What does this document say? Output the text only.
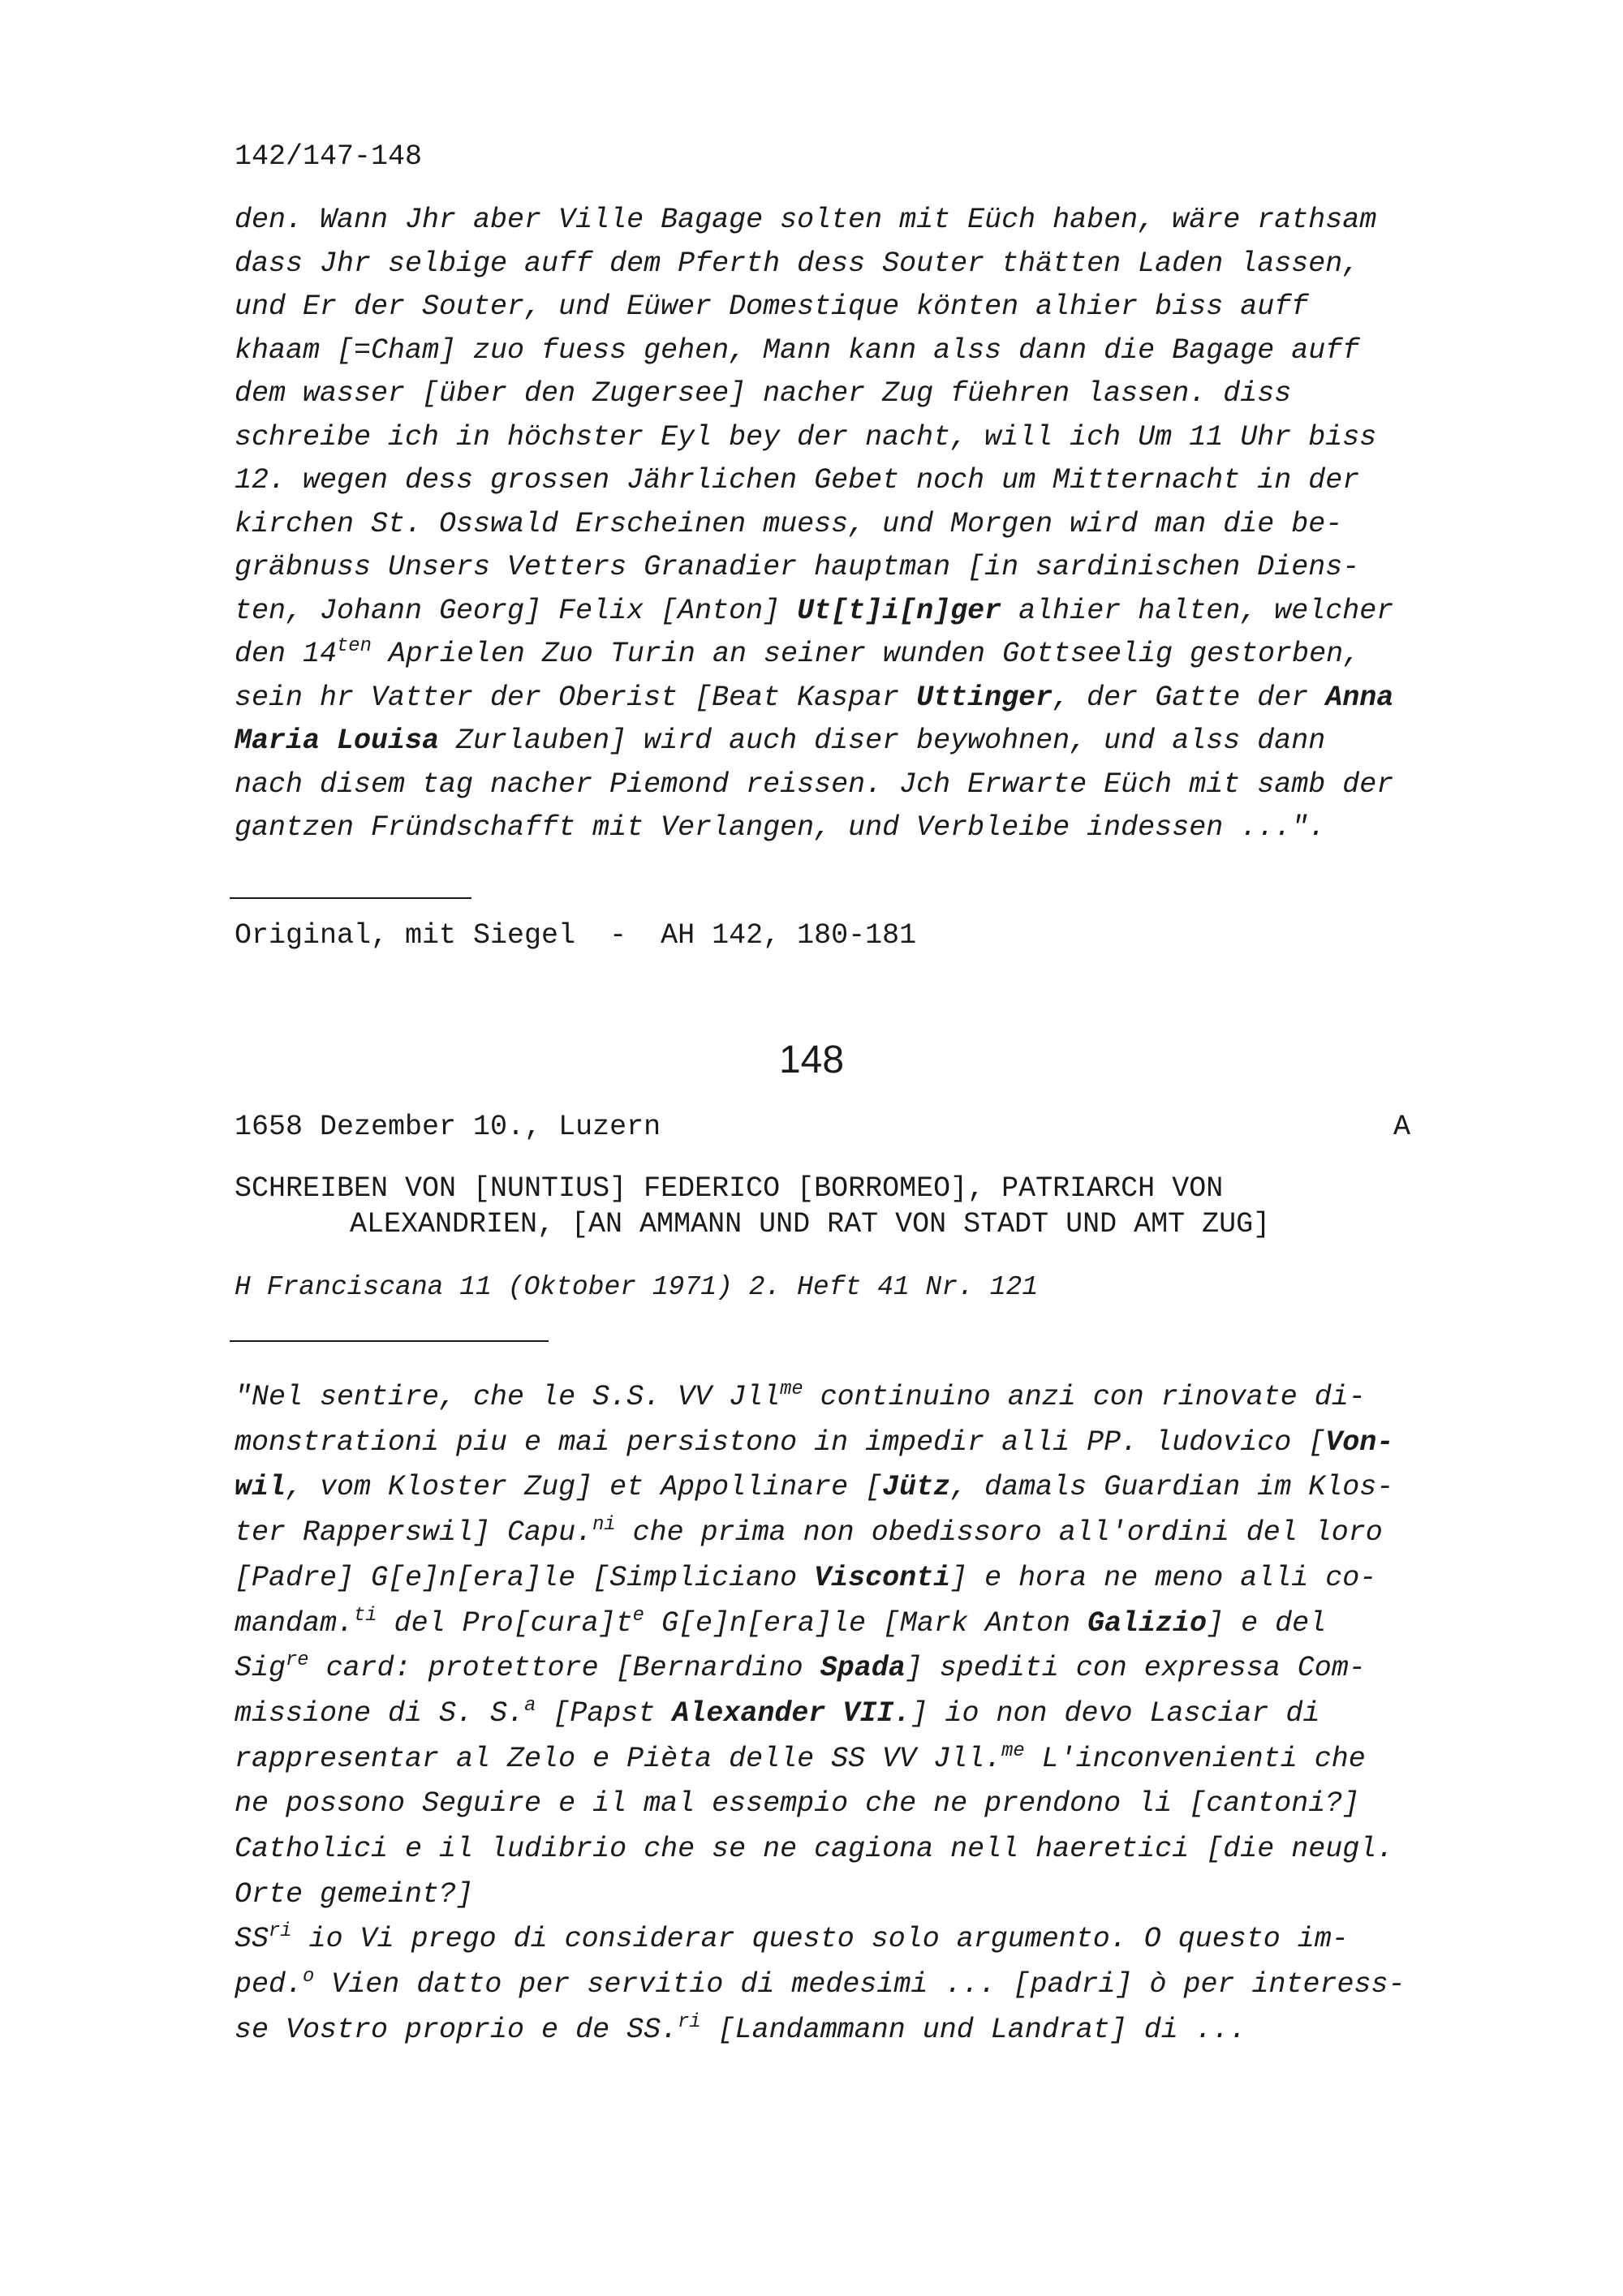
142/147-148
den. Wann Jhr aber Ville Bagage solten mit Eüch haben, wäre rathsam
dass Jhr selbige auff dem Pferth dess Souter thätten Laden lassen,
und Er der Souter, und Eüwer Domestique könten alhier biss auff
khaam [=Cham] zuo fuess gehen, Mann kann alss dann die Bagage auff
dem wasser [über den Zugersee] nacher Zug füehren lassen. diss
schreibe ich in höchster Eyl bey der nacht, will ich Um 11 Uhr biss
12. wegen dess grossen Jährlichen Gebet noch um Mitternacht in der
kirchen St. Osswald Erscheinen muess, und Morgen wird man die be-
gräbnuss Unsers Vetters Granadier hauptman [in sardinischen Diens-
ten, Johann Georg] Felix [Anton] Ut[t]i[n]ger alhier halten, welcher
den $14^{ten}$ Aprielen Zuo Turin an seiner wunden Gottseelig gestorben,
sein hr Vatter der Oberist [Beat Kaspar Uttinger, der Gatte der Anna
Maria Louisa Zurlauben] wird auch diser beywohnen, und alss dann
nach disem tag nacher Piemond reissen. Jch Erwarte Eüch mit samb der
gantzen Fründschafft mit Verlangen, und Verbleibe indessen ...".
Original, mit Siegel  -  AH 142, 180-181
148
1658 Dezember 10., Luzern	A
SCHREIBEN VON [NUNTIUS] FEDERICO [BORROMEO], PATRIARCH VON
ALEXANDRIEN, [AN AMMANN UND RAT VON STADT UND AMT ZUG]
H Franciscana 11 (Oktober 1971) 2. Heft 41 Nr. 121
"Nel sentire, che le S.S. VV Jll$^{me}$ continuino anzi con rinovate di-
monstrationi piu e mai persistono in impedir alli PP. ludovico [Von-
wil, vom Kloster Zug] et Appollinare [Jütz, damals Guardian im Klos-
ter Rapperswil] Capu.$^{ni}$ che prima non obedissoro all'ordini del loro
[Padre] G[e]n[era]le [Simpliciano Visconti] e hora ne meno alli co-
mandam.$^{ti}$ del $Pro[cura]t^e$ G[e]n[era]le [Mark Anton Galizio] e del
Sig$^{re}$ card: protettore [Bernardino Spada] spediti con expressa Com-
missione di S. S.$^a$ [Papst Alexander VII.] io non devo Lasciar di
rappresentar al Zelo e Pièta delle SS VV Jll.$^{me}$ L'inconvenienti che
ne possono Seguire e il mal essempio che ne prendono li [cantoni?]
Catholici e il ludibrio che se ne cagiona nell haeretici [die neugl.
Orte gemeint?]
$SS^{ri}$ io Vi prego di considerar questo solo argumento. O questo im-
ped.$^o$ Vien datto per servitio di medesimi ... [padri] ò per interess-
se Vostro proprio e de SS.$^{ri}$ [Landammann und Landrat] di ...
